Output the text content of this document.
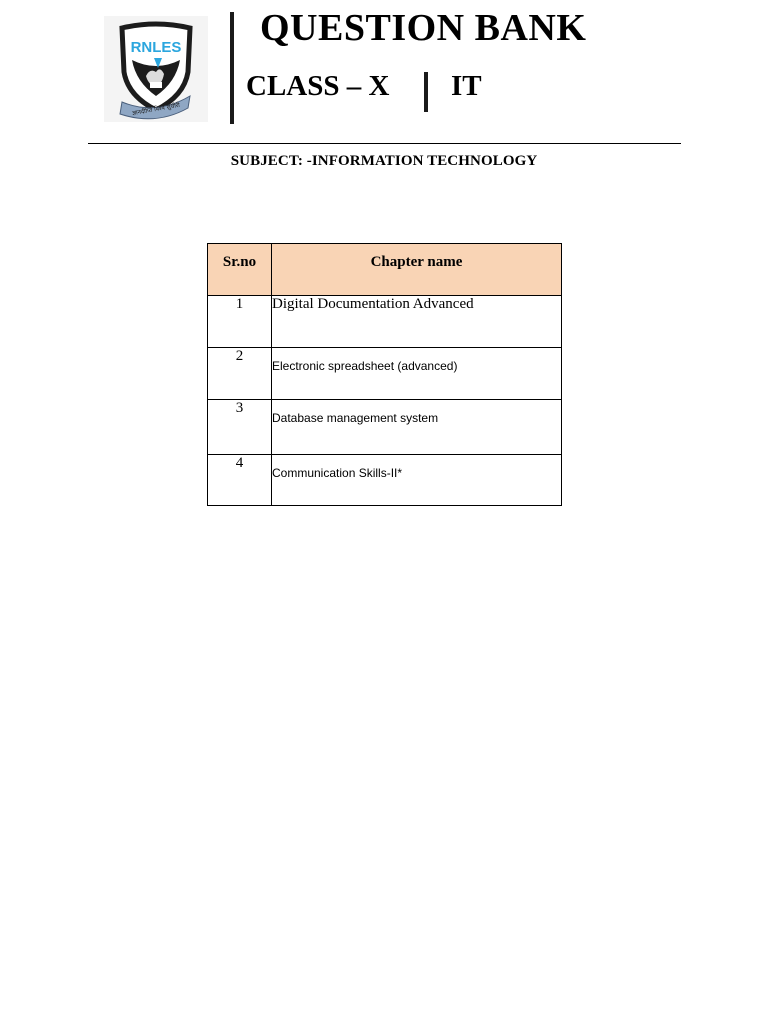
RNLES
ज्ञानदीप्ति विश्वे सुधीरी
QUESTION BANK
CLASS – X IT
SUBJECT: -INFORMATION TECHNOLOGY
Sr.no	Chapter name
1	Digital Documentation Advanced
2	Electronic spreadsheet (advanced)
3	Database management system
4	Communication Skills-II*
